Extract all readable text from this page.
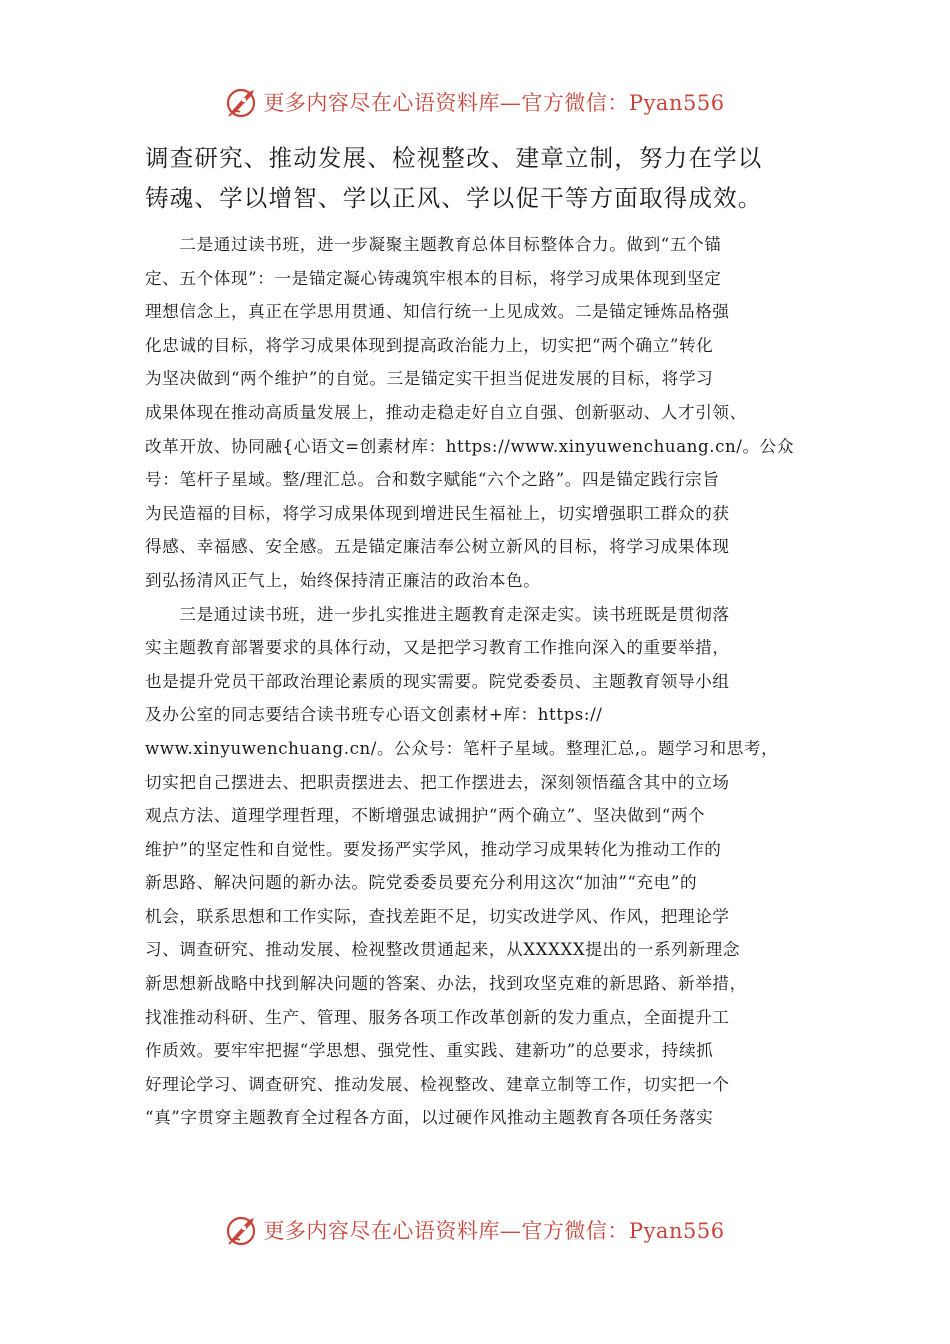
更多内容尽在心语资料库—官方微信：Pyan556
调查研究、推动发展、检视整改、建章立制，努力在学以
铸魂、学以增智、学以正风、学以促干等方面取得成效。
　　二是通过读书班，进一步凝聚主题教育总体目标整体合力。做到“五个锚
定、五个体现”：一是锚定凝心铸魂筑牢根本的目标，将学习成果体现到坚定
理想信念上，真正在学思用贯通、知信行统一上见成效。二是锚定锤炼品格强
化忠诚的目标，将学习成果体现到提高政治能力上，切实把“两个确立”转化
为坚决做到“两个维护”的自觉。三是锚定实干担当促进发展的目标，将学习
成果体现在推动高质量发展上，推动走稳走好自立自强、创新驱动、人才引领、
改革开放、协同融{心语文=创素材库：https://www.xinyuwenchuang.cn/。公众
号：笔杆子星域。整/理汇总。合和数字赋能“六个之路”。四是锚定践行宗旨
为民造福的目标，将学习成果体现到增进民生福祉上，切实增强职工群众的获
得感、幸福感、安全感。五是锚定廉洁奉公树立新风的目标，将学习成果体现
到弘扬清风正气上，始终保持清正廉洁的政治本色。
　　三是通过读书班，进一步扎实推进主题教育走深走实。读书班既是贯彻落
实主题教育部署要求的具体行动，又是把学习教育工作推向深入的重要举措，
也是提升党员干部政治理论素质的现实需要。院党委委员、主题教育领导小组
及办公室的同志要结合读书班专心语文创素材+库：https://
www.xinyuwenchuang.cn/。公众号：笔杆子星域。整理汇总,。题学习和思考，
切实把自己摆进去、把职责摆进去、把工作摆进去，深刻领悟蕴含其中的立场
观点方法、道理学理哲理，不断增强忠诚拥护“两个确立”、坚决做到“两个
维护”的坚定性和自觉性。要发扬严实学风，推动学习成果转化为推动工作的
新思路、解决问题的新办法。院党委委员要充分利用这次“加油”“充电”的
机会，联系思想和工作实际，查找差距不足，切实改进学风、作风，把理论学
习、调查研究、推动发展、检视整改贯通起来，从XXXXX提出的一系列新理念
新思想新战略中找到解决问题的答案、办法，找到攻坚克难的新思路、新举措，
找准推动科研、生产、管理、服务各项工作改革创新的发力重点，全面提升工
作质效。要牢牢把握“学思想、强党性、重实践、建新功”的总要求，持续抓
好理论学习、调查研究、推动发展、检视整改、建章立制等工作，切实把一个
“真”字贯穿主题教育全过程各方面，以过硬作风推动主题教育各项任务落实
更多内容尽在心语资料库—官方微信：Pyan556
